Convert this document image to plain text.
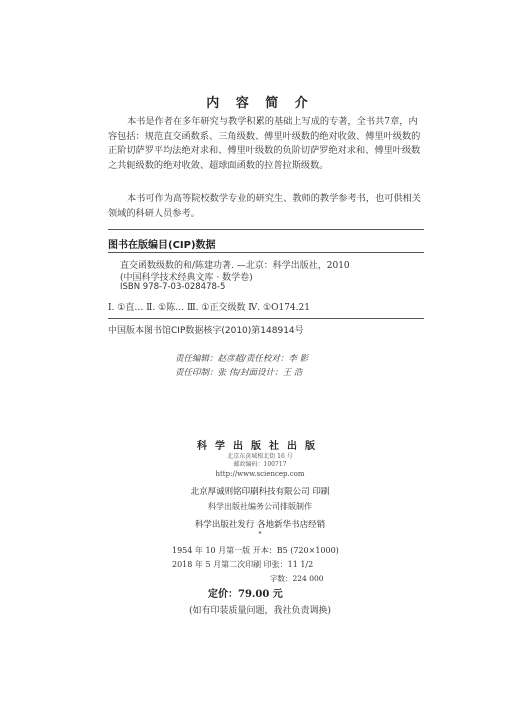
内 容 简 介

本书是作者在多年研究与教学积累的基础上写成的专著，全书共7章，内容包括：规范直交函数系、三角级数、傅里叶级数的绝对收敛、傅里叶级数的正阶切萨罗平均法绝对求和、傅里叶级数的负阶切萨罗绝对求和、傅里叶级数之共轭级数的绝对收敛、超球面函数的拉普拉斯级数。

本书可作为高等院校数学专业的研究生、教师的教学参考书，也可供相关领域的科研人员参考。

图书在版编目(CIP)数据
直交函数级数的和/陈建功著. —北京：科学出版社，2010
(中国科学技术经典文库 · 数学卷)
ISBN 978-7-03-028478-5
Ⅰ. ①直… Ⅱ. ①陈… Ⅲ. ①正交级数 Ⅳ. ①O174.21
中国版本图书馆CIP数据核字(2010)第148914号
责任编辑：赵彦超/责任校对：李 影
责任印制：张 伟/封面设计：王 浩
科学出版社出版
北京东黄城根北街 16 号
邮政编码：100717
http://www.sciencep.com
北京厚诚则铭印刷科技有限公司 印刷
科学出版社编务公司排版制作
科学出版社发行 各地新华书店经销
*
1954 年 10 月第一版 开本：B5 (720×1000)
2018 年 5 月第二次印刷 印张：11 1/2
字数：224 000
定价：79.00 元
(如有印装质量问题，我社负责调换)
